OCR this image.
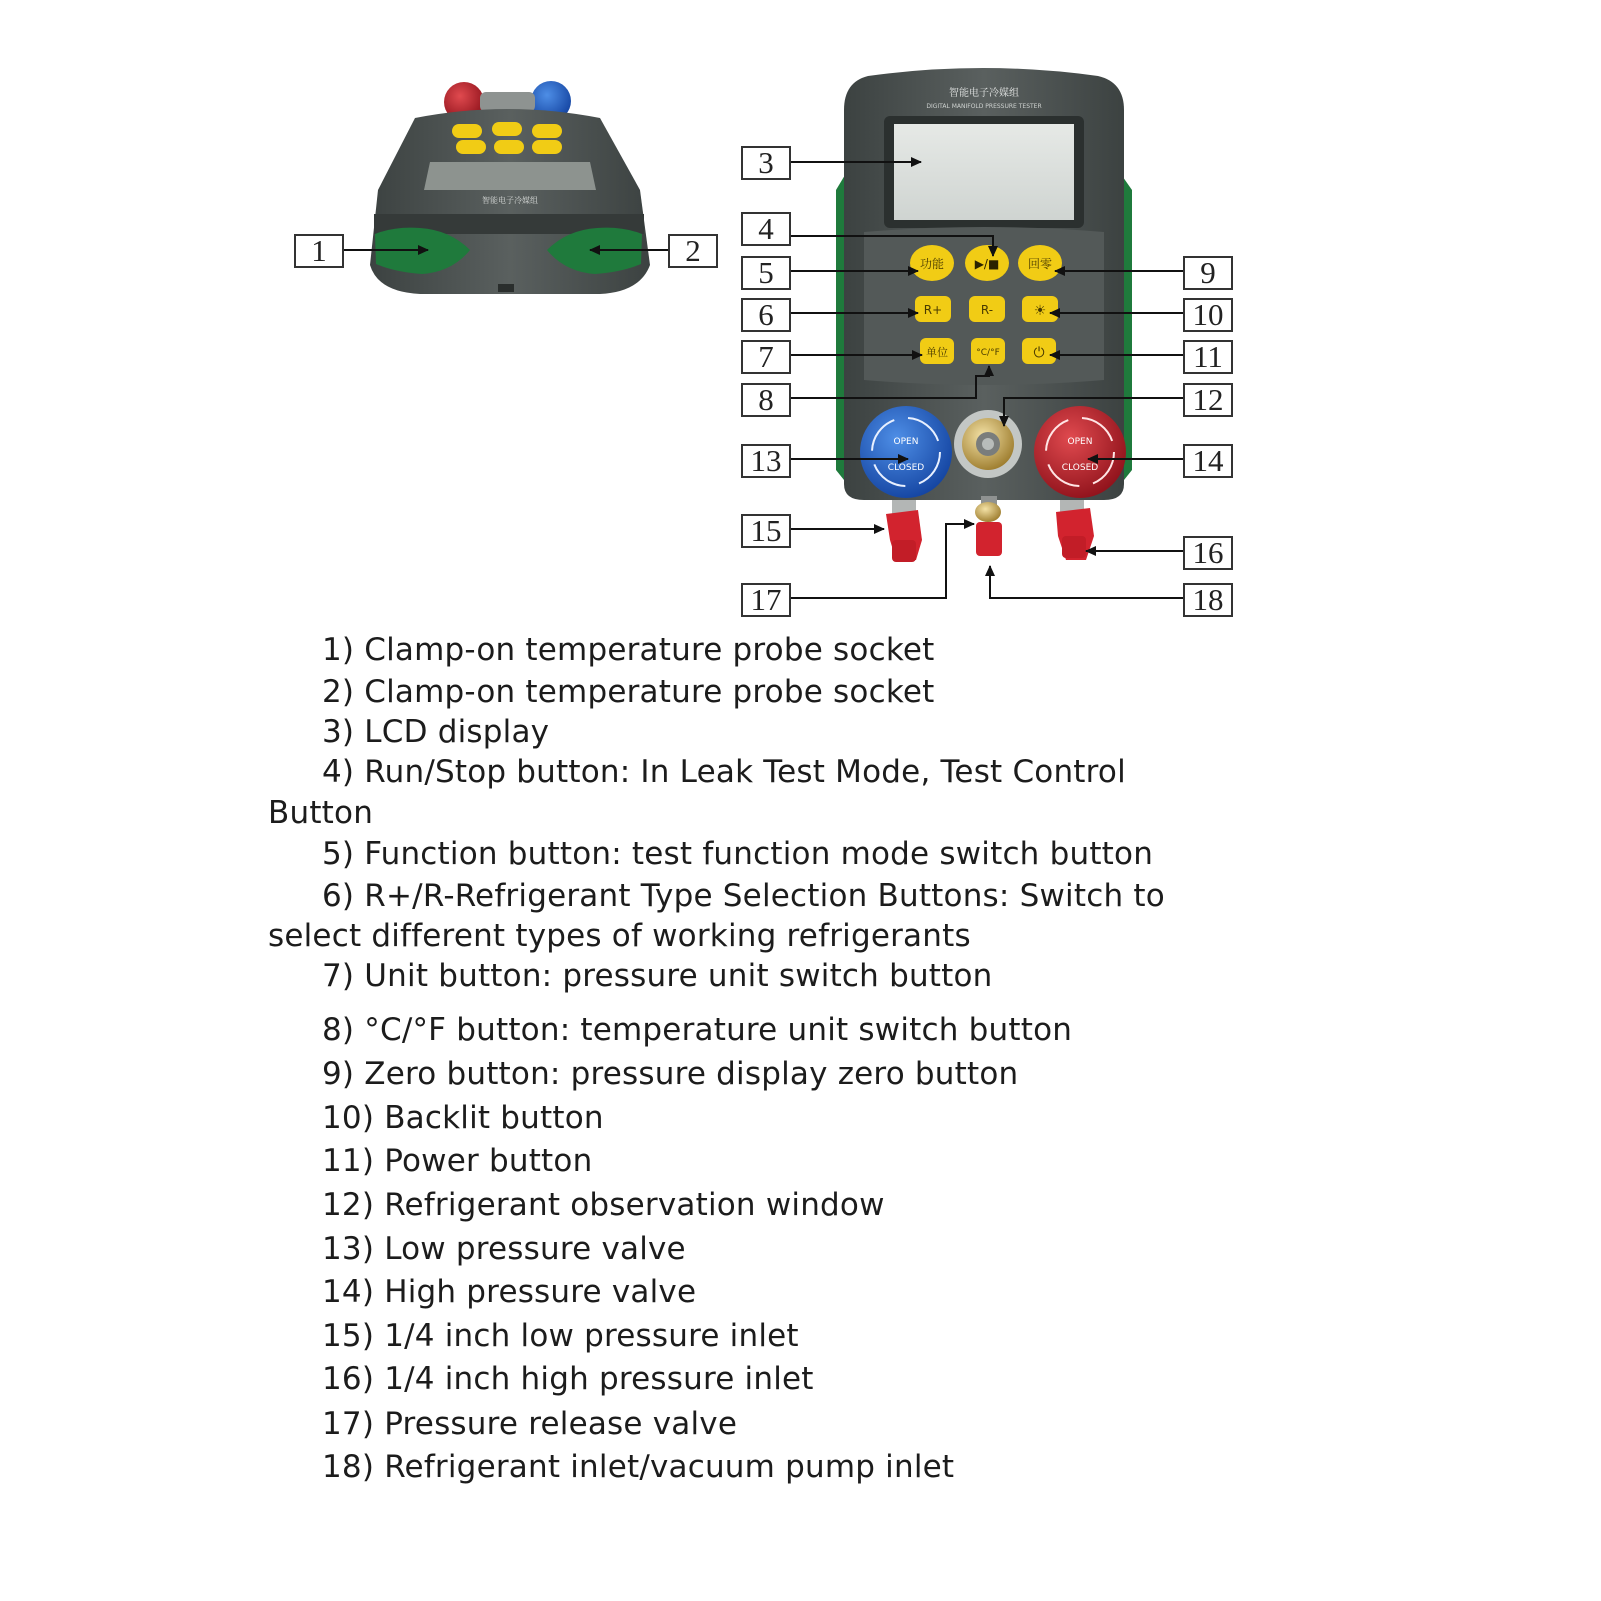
智能电子冷媒组
智能电子冷媒组
DIGITAL MANIFOLD PRESSURE TESTER
功能	▶/■ 回零
R+	R-	☀
单位	°C/°F ⏻
OPEN
CLOSED
OPEN
CLOSED
1	2
3
4
5
6
7
8
9
10
11
12
13	14
15
16
17	18
1) Clamp-on temperature probe socket
2) Clamp-on temperature probe socket
3) LCD display
4) Run/Stop button: In Leak Test Mode, Test Control
Button
5) Function button: test function mode switch button
6) R+/R-Refrigerant Type Selection Buttons: Switch to
select different types of working refrigerants
7) Unit button: pressure unit switch button
8) °C/°F button: temperature unit switch button
9) Zero button: pressure display zero button
10) Backlit button
11) Power button
12) Refrigerant observation window
13) Low pressure valve
14) High pressure valve
15) 1/4 inch low pressure inlet
16) 1/4 inch high pressure inlet
17) Pressure release valve
18) Refrigerant inlet/vacuum pump inlet
